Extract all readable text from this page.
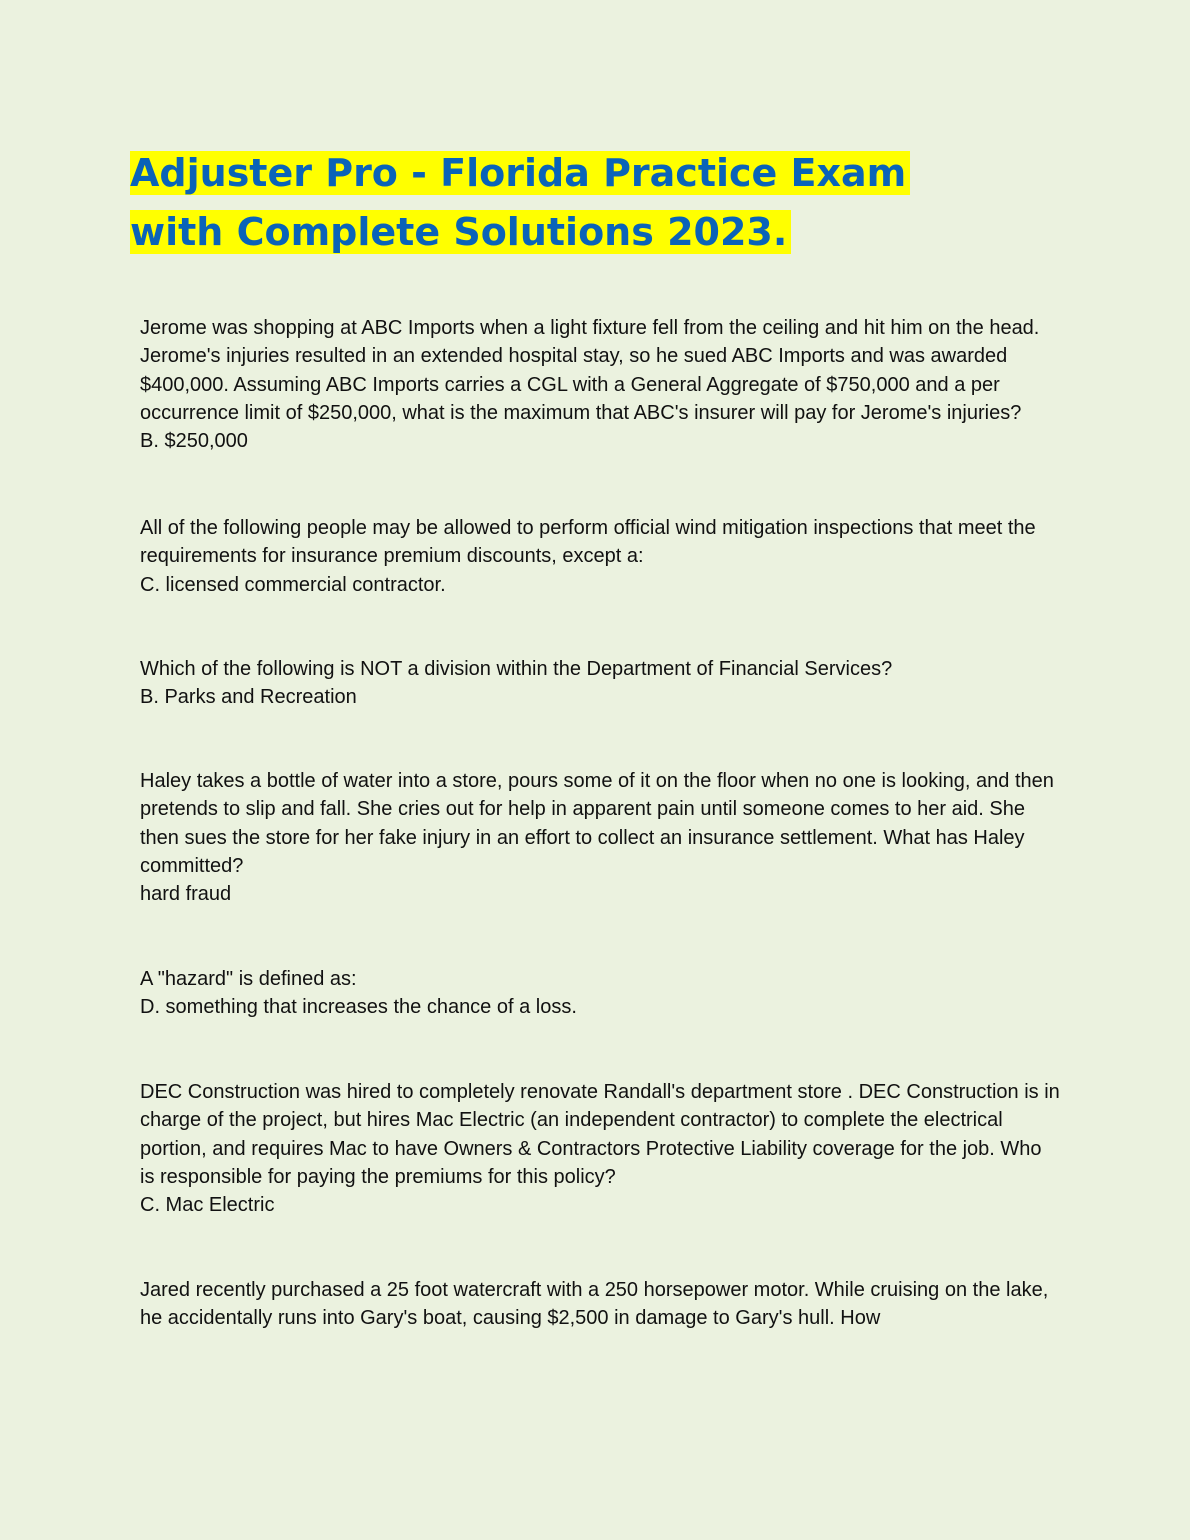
Adjuster Pro - Florida Practice Exam with Complete Solutions 2023.

Jerome was shopping at ABC Imports when a light fixture fell from the ceiling and hit him on the head. Jerome's injuries resulted in an extended hospital stay, so he sued ABC Imports and was awarded $400,000. Assuming ABC Imports carries a CGL with a General Aggregate of $750,000 and a per occurrence limit of $250,000, what is the maximum that ABC's insurer will pay for Jerome's injuries?

B. $250,000

All of the following people may be allowed to perform official wind mitigation inspections that meet the requirements for insurance premium discounts, except a:

C. licensed commercial contractor.

Which of the following is NOT a division within the Department of Financial Services?

B. Parks and Recreation

Haley takes a bottle of water into a store, pours some of it on the floor when no one is looking, and then pretends to slip and fall. She cries out for help in apparent pain until someone comes to her aid. She then sues the store for her fake injury in an effort to collect an insurance settlement. What has Haley committed?

hard fraud

A "hazard" is defined as:

D. something that increases the chance of a loss.

DEC Construction was hired to completely renovate Randall's department store . DEC Construction is in charge of the project, but hires Mac Electric (an independent contractor) to complete the electrical portion, and requires Mac to have Owners & Contractors Protective Liability coverage for the job. Who is responsible for paying the premiums for this policy?

C. Mac Electric

Jared recently purchased a 25 foot watercraft with a 250 horsepower motor. While cruising on the lake, he accidentally runs into Gary's boat, causing $2,500 in damage to Gary's hull. How
